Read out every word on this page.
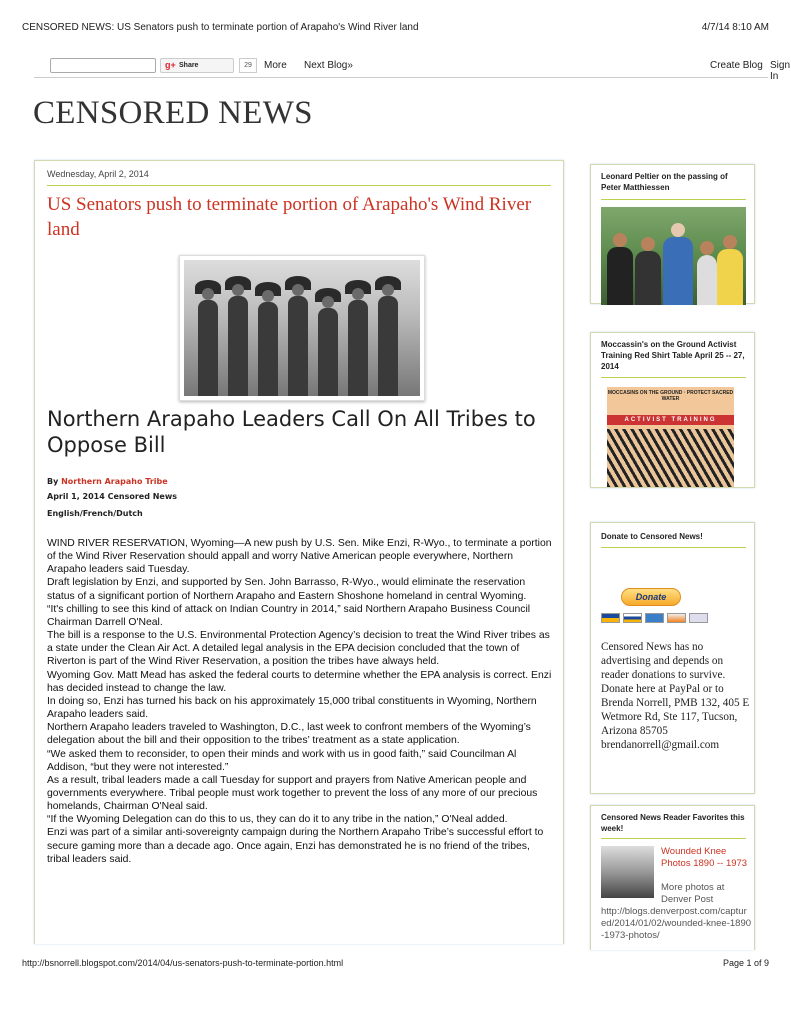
CENSORED NEWS: US Senators push to terminate portion of Arapaho's Wind River land	4/7/14 8:10 AM
g+ Share	29	More Next Blog»	Create Blog Sign In
CENSORED NEWS
Wednesday, April 2, 2014
US Senators push to terminate portion of Arapaho's Wind River land
Northern Arapaho Leaders Call On All Tribes to Oppose Bill
By Northern Arapaho Tribe
April 1, 2014 Censored News
English/French/Dutch

WIND RIVER RESERVATION, Wyoming—A new push by U.S. Sen. Mike Enzi, R-Wyo., to terminate a portion of the Wind River Reservation should appall and worry Native American people everywhere, Northern Arapaho leaders said Tuesday.

Draft legislation by Enzi, and supported by Sen. John Barrasso, R-Wyo., would eliminate the reservation status of a significant portion of Northern Arapaho and Eastern Shoshone homeland in central Wyoming.

“It's chilling to see this kind of attack on Indian Country in 2014,” said Northern Arapaho Business Council Chairman Darrell O'Neal.

The bill is a response to the U.S. Environmental Protection Agency’s decision to treat the Wind River tribes as a state under the Clean Air Act. A detailed legal analysis in the EPA decision concluded that the town of Riverton is part of the Wind River Reservation, a position the tribes have always held.

Wyoming Gov. Matt Mead has asked the federal courts to determine whether the EPA analysis is correct. Enzi has decided instead to change the law.

In doing so, Enzi has turned his back on his approximately 15,000 tribal constituents in Wyoming, Northern Arapaho leaders said.

Northern Arapaho leaders traveled to Washington, D.C., last week to confront members of the Wyoming’s delegation about the bill and their opposition to the tribes’ treatment as a state application.

“We asked them to reconsider, to open their minds and work with us in good faith,” said Councilman Al Addison, “but they were not interested.”

As a result, tribal leaders made a call Tuesday for support and prayers from Native American people and governments everywhere. Tribal people must work together to prevent the loss of any more of our precious homelands, Chairman O'Neal said.

“If the Wyoming Delegation can do this to us, they can do it to any tribe in the nation,” O'Neal added.

Enzi was part of a similar anti-sovereignty campaign during the Northern Arapaho Tribe’s successful effort to secure gaming more than a decade ago. Once again, Enzi has demonstrated he is no friend of the tribes, tribal leaders said.

Leonard Peltier on the passing of Peter Matthiessen
Moccassin's on the Ground Activist Training Red Shirt Table April 25 -- 27, 2014
MOCCASINS ON THE GROUND · PROTECT SACRED WATER
ACTIVIST TRAINING
Donate to Censored News!
Donate
Censored News has no advertising and depends on reader donations to survive. Donate here at PayPal or to Brenda Norrell, PMB 132, 405 E Wetmore Rd, Ste 117, Tucson, Arizona 85705 brendanorrell@gmail.com
Censored News Reader Favorites this week!
Wounded Knee Photos 1890 -- 1973
More photos at Denver Post
http://blogs.denverpost.com/captured/2014/01/02/wounded-knee-1890-1973-photos/
http://bsnorrell.blogspot.com/2014/04/us-senators-push-to-terminate-portion.html	Page 1 of 9
